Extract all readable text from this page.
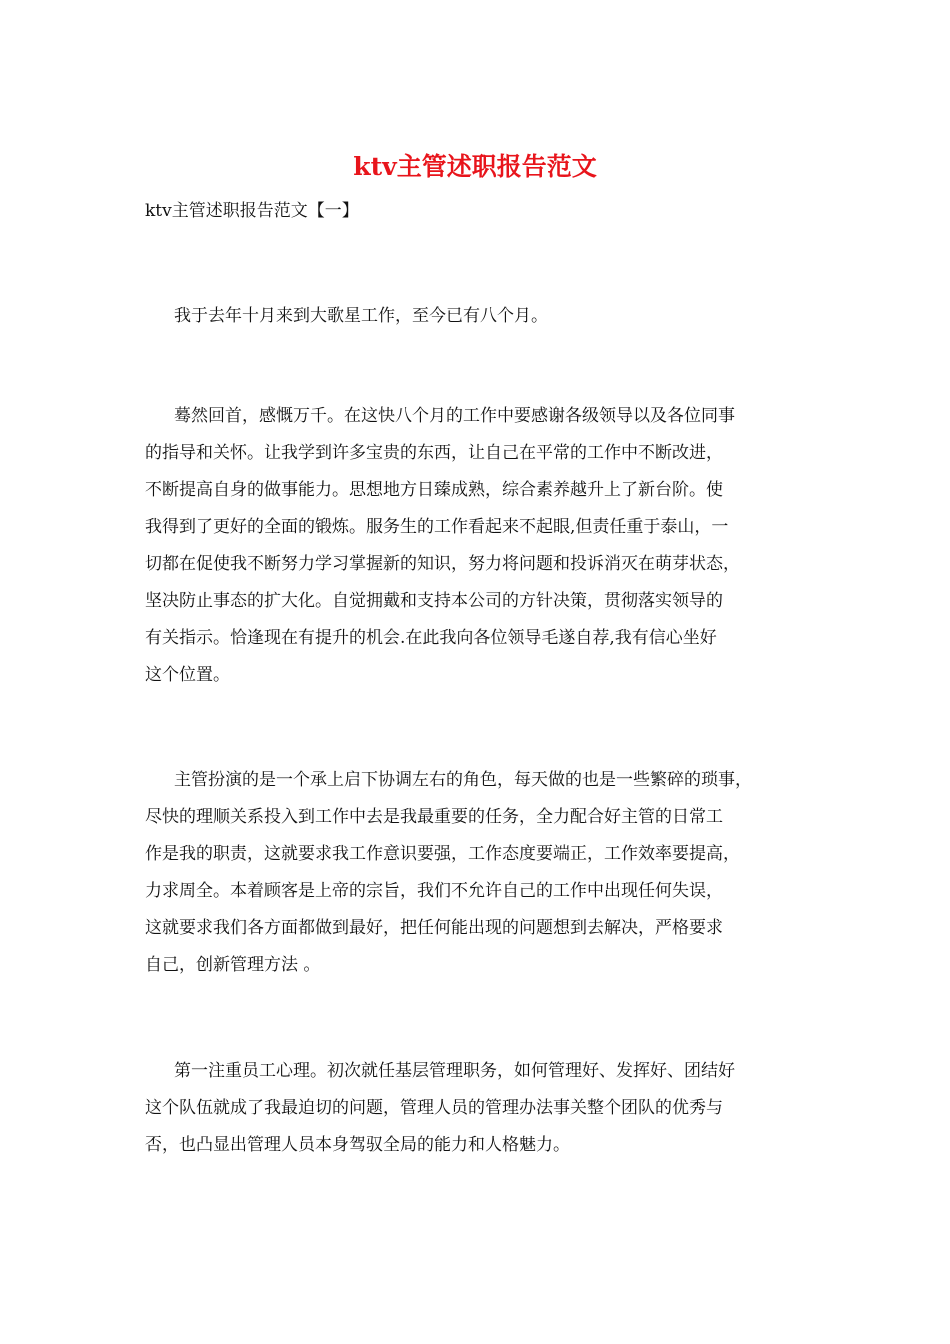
ktv主管述职报告范文
ktv主管述职报告范文【一】
我于去年十月来到大歌星工作，至今已有八个月。
蓦然回首，感慨万千。在这快八个月的工作中要感谢各级领导以及各位同事
的指导和关怀。让我学到许多宝贵的东西，让自己在平常的工作中不断改进，
不断提高自身的做事能力。思想地方日臻成熟，综合素养越升上了新台阶。使
我得到了更好的全面的锻炼。服务生的工作看起来不起眼,但责任重于泰山，一
切都在促使我不断努力学习掌握新的知识，努力将问题和投诉消灭在萌芽状态，
坚决防止事态的扩大化。自觉拥戴和支持本公司的方针决策，贯彻落实领导的
有关指示。恰逢现在有提升的机会.在此我向各位领导毛遂自荐,我有信心坐好
这个位置。
主管扮演的是一个承上启下协调左右的角色，每天做的也是一些繁碎的琐事，
尽快的理顺关系投入到工作中去是我最重要的任务，全力配合好主管的日常工
作是我的职责，这就要求我工作意识要强，工作态度要端正，工作效率要提高，
力求周全。本着顾客是上帝的宗旨，我们不允许自己的工作中出现任何失误，
这就要求我们各方面都做到最好，把任何能出现的问题想到去解决，严格要求
自己，创新管理方法 。
第一注重员工心理。初次就任基层管理职务，如何管理好、发挥好、团结好
这个队伍就成了我最迫切的问题，管理人员的管理办法事关整个团队的优秀与
否，也凸显出管理人员本身驾驭全局的能力和人格魅力。
